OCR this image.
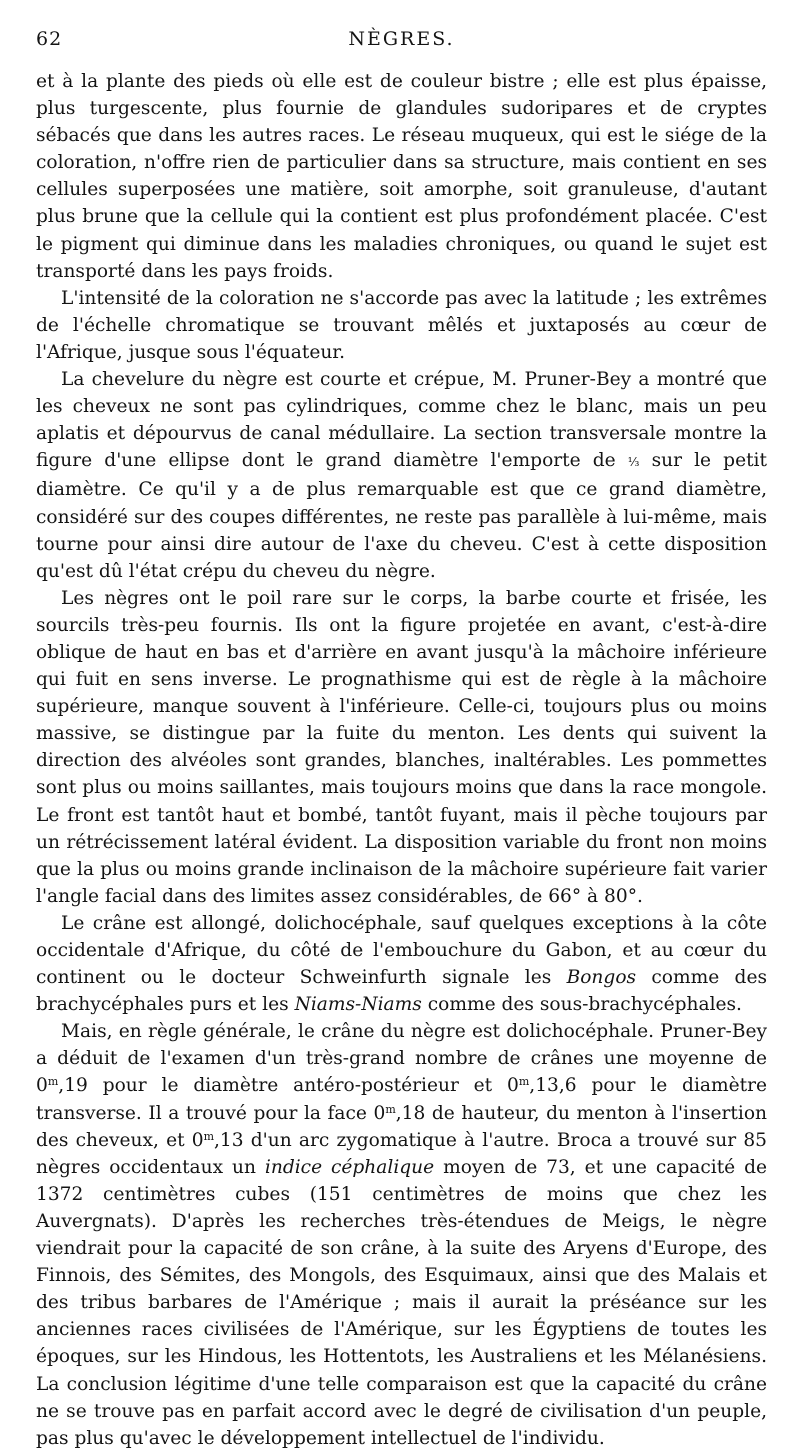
62	NÈGRES.

et à la plante des pieds où elle est de couleur bistre ; elle est plus épaisse, plus turgescente, plus fournie de glandules sudoripares et de cryptes sébacés que dans les autres races. Le réseau muqueux, qui est le siége de la coloration, n'offre rien de particulier dans sa structure, mais contient en ses cellules superposées une matière, soit amorphe, soit granuleuse, d'autant plus brune que la cellule qui la contient est plus profondément placée. C'est le pigment qui diminue dans les maladies chroniques, ou quand le sujet est transporté dans les pays froids.

L'intensité de la coloration ne s'accorde pas avec la latitude ; les extrêmes de l'échelle chromatique se trouvant mêlés et juxtaposés au cœur de l'Afrique, jusque sous l'équateur.

La chevelure du nègre est courte et crépue, M. Pruner-Bey a montré que les cheveux ne sont pas cylindriques, comme chez le blanc, mais un peu aplatis et dépourvus de canal médullaire. La section transversale montre la figure d'une ellipse dont le grand diamètre l'emporte de ⅓ sur le petit diamètre. Ce qu'il y a de plus remarquable est que ce grand diamètre, considéré sur des coupes différentes, ne reste pas parallèle à lui-même, mais tourne pour ainsi dire autour de l'axe du cheveu. C'est à cette disposition qu'est dû l'état crépu du cheveu du nègre.

Les nègres ont le poil rare sur le corps, la barbe courte et frisée, les sourcils très-peu fournis. Ils ont la figure projetée en avant, c'est-à-dire oblique de haut en bas et d'arrière en avant jusqu'à la mâchoire inférieure qui fuit en sens inverse. Le prognathisme qui est de règle à la mâchoire supérieure, manque souvent à l'inférieure. Celle-ci, toujours plus ou moins massive, se distingue par la fuite du menton. Les dents qui suivent la direction des alvéoles sont grandes, blanches, inaltérables. Les pommettes sont plus ou moins saillantes, mais toujours moins que dans la race mongole. Le front est tantôt haut et bombé, tantôt fuyant, mais il pèche toujours par un rétrécissement latéral évident. La disposition variable du front non moins que la plus ou moins grande inclinaison de la mâchoire supérieure fait varier l'angle facial dans des limites assez considérables, de 66° à 80°.

Le crâne est allongé, dolichocéphale, sauf quelques exceptions à la côte occidentale d'Afrique, du côté de l'embouchure du Gabon, et au cœur du continent ou le docteur Schweinfurth signale les Bongos comme des brachycéphales purs et les Niams-Niams comme des sous-brachycéphales.

Mais, en règle générale, le crâne du nègre est dolichocéphale. Pruner-Bey a déduit de l'examen d'un très-grand nombre de crânes une moyenne de 0$^m$,19 pour le diamètre antéro-postérieur et 0$^m$,13,6 pour le diamètre transverse. Il a trouvé pour la face 0$^m$,18 de hauteur, du menton à l'insertion des cheveux, et 0$^m$,13 d'un arc zygomatique à l'autre. Broca a trouvé sur 85 nègres occidentaux un indice céphalique moyen de 73, et une capacité de 1372 centimètres cubes (151 centimètres de moins que chez les Auvergnats). D'après les recherches très-étendues de Meigs, le nègre viendrait pour la capacité de son crâne, à la suite des Aryens d'Europe, des Finnois, des Sémites, des Mongols, des Esquimaux, ainsi que des Malais et des tribus barbares de l'Amérique ; mais il aurait la préséance sur les anciennes races civilisées de l'Amérique, sur les Égyptiens de toutes les époques, sur les Hindous, les Hottentots, les Australiens et les Mélanésiens. La conclusion légitime d'une telle comparaison est que la capacité du crâne ne se trouve pas en parfait accord avec le degré de civilisation d'un peuple, pas plus qu'avec le développement intellectuel de l'individu.
